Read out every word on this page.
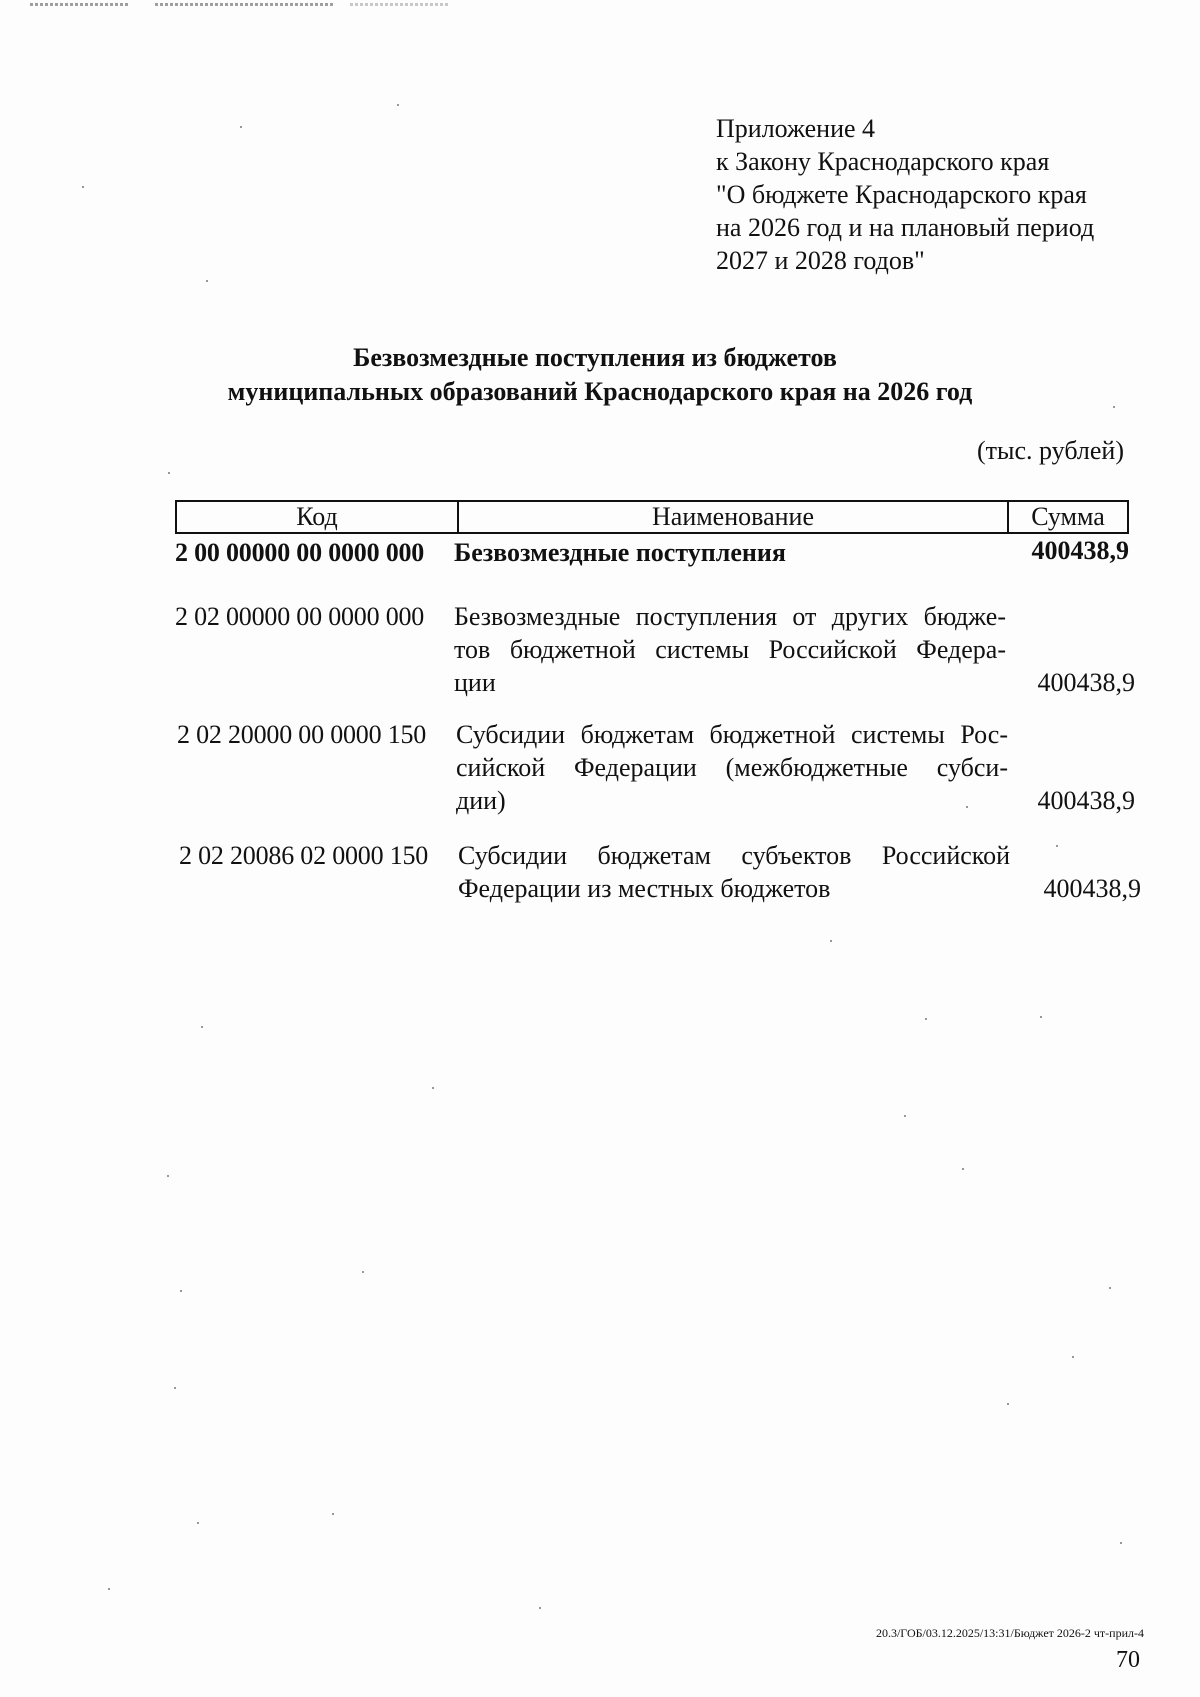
Приложение 4
к Закону Краснодарского края
"О бюджете Краснодарского края
на 2026 год и на плановый период
2027 и 2028 годов"
Безвозмездные поступления из бюджетов
муниципальных образований Краснодарского края на 2026 год
(тыс. рублей)
Код	Наименование	Сумма
2 00 00000 00 0000 000 Безвозмездные поступления	400438,9
2 02 00000 00 0000 000 Безвозмездные поступления от других бюдже-
тов бюджетной системы Российской Федера-
ции	400438,9
2 02 20000 00 0000 150 Субсидии бюджетам бюджетной системы Рос-
сийской Федерации (межбюджетные субси-
дии)	400438,9
2 02 20086 02 0000 150 Субсидии бюджетам субъектов Российской
Федерации из местных бюджетов	400438,9
20.3/ГОБ/03.12.2025/13:31/Бюджет 2026-2 чт-прил-4
70
